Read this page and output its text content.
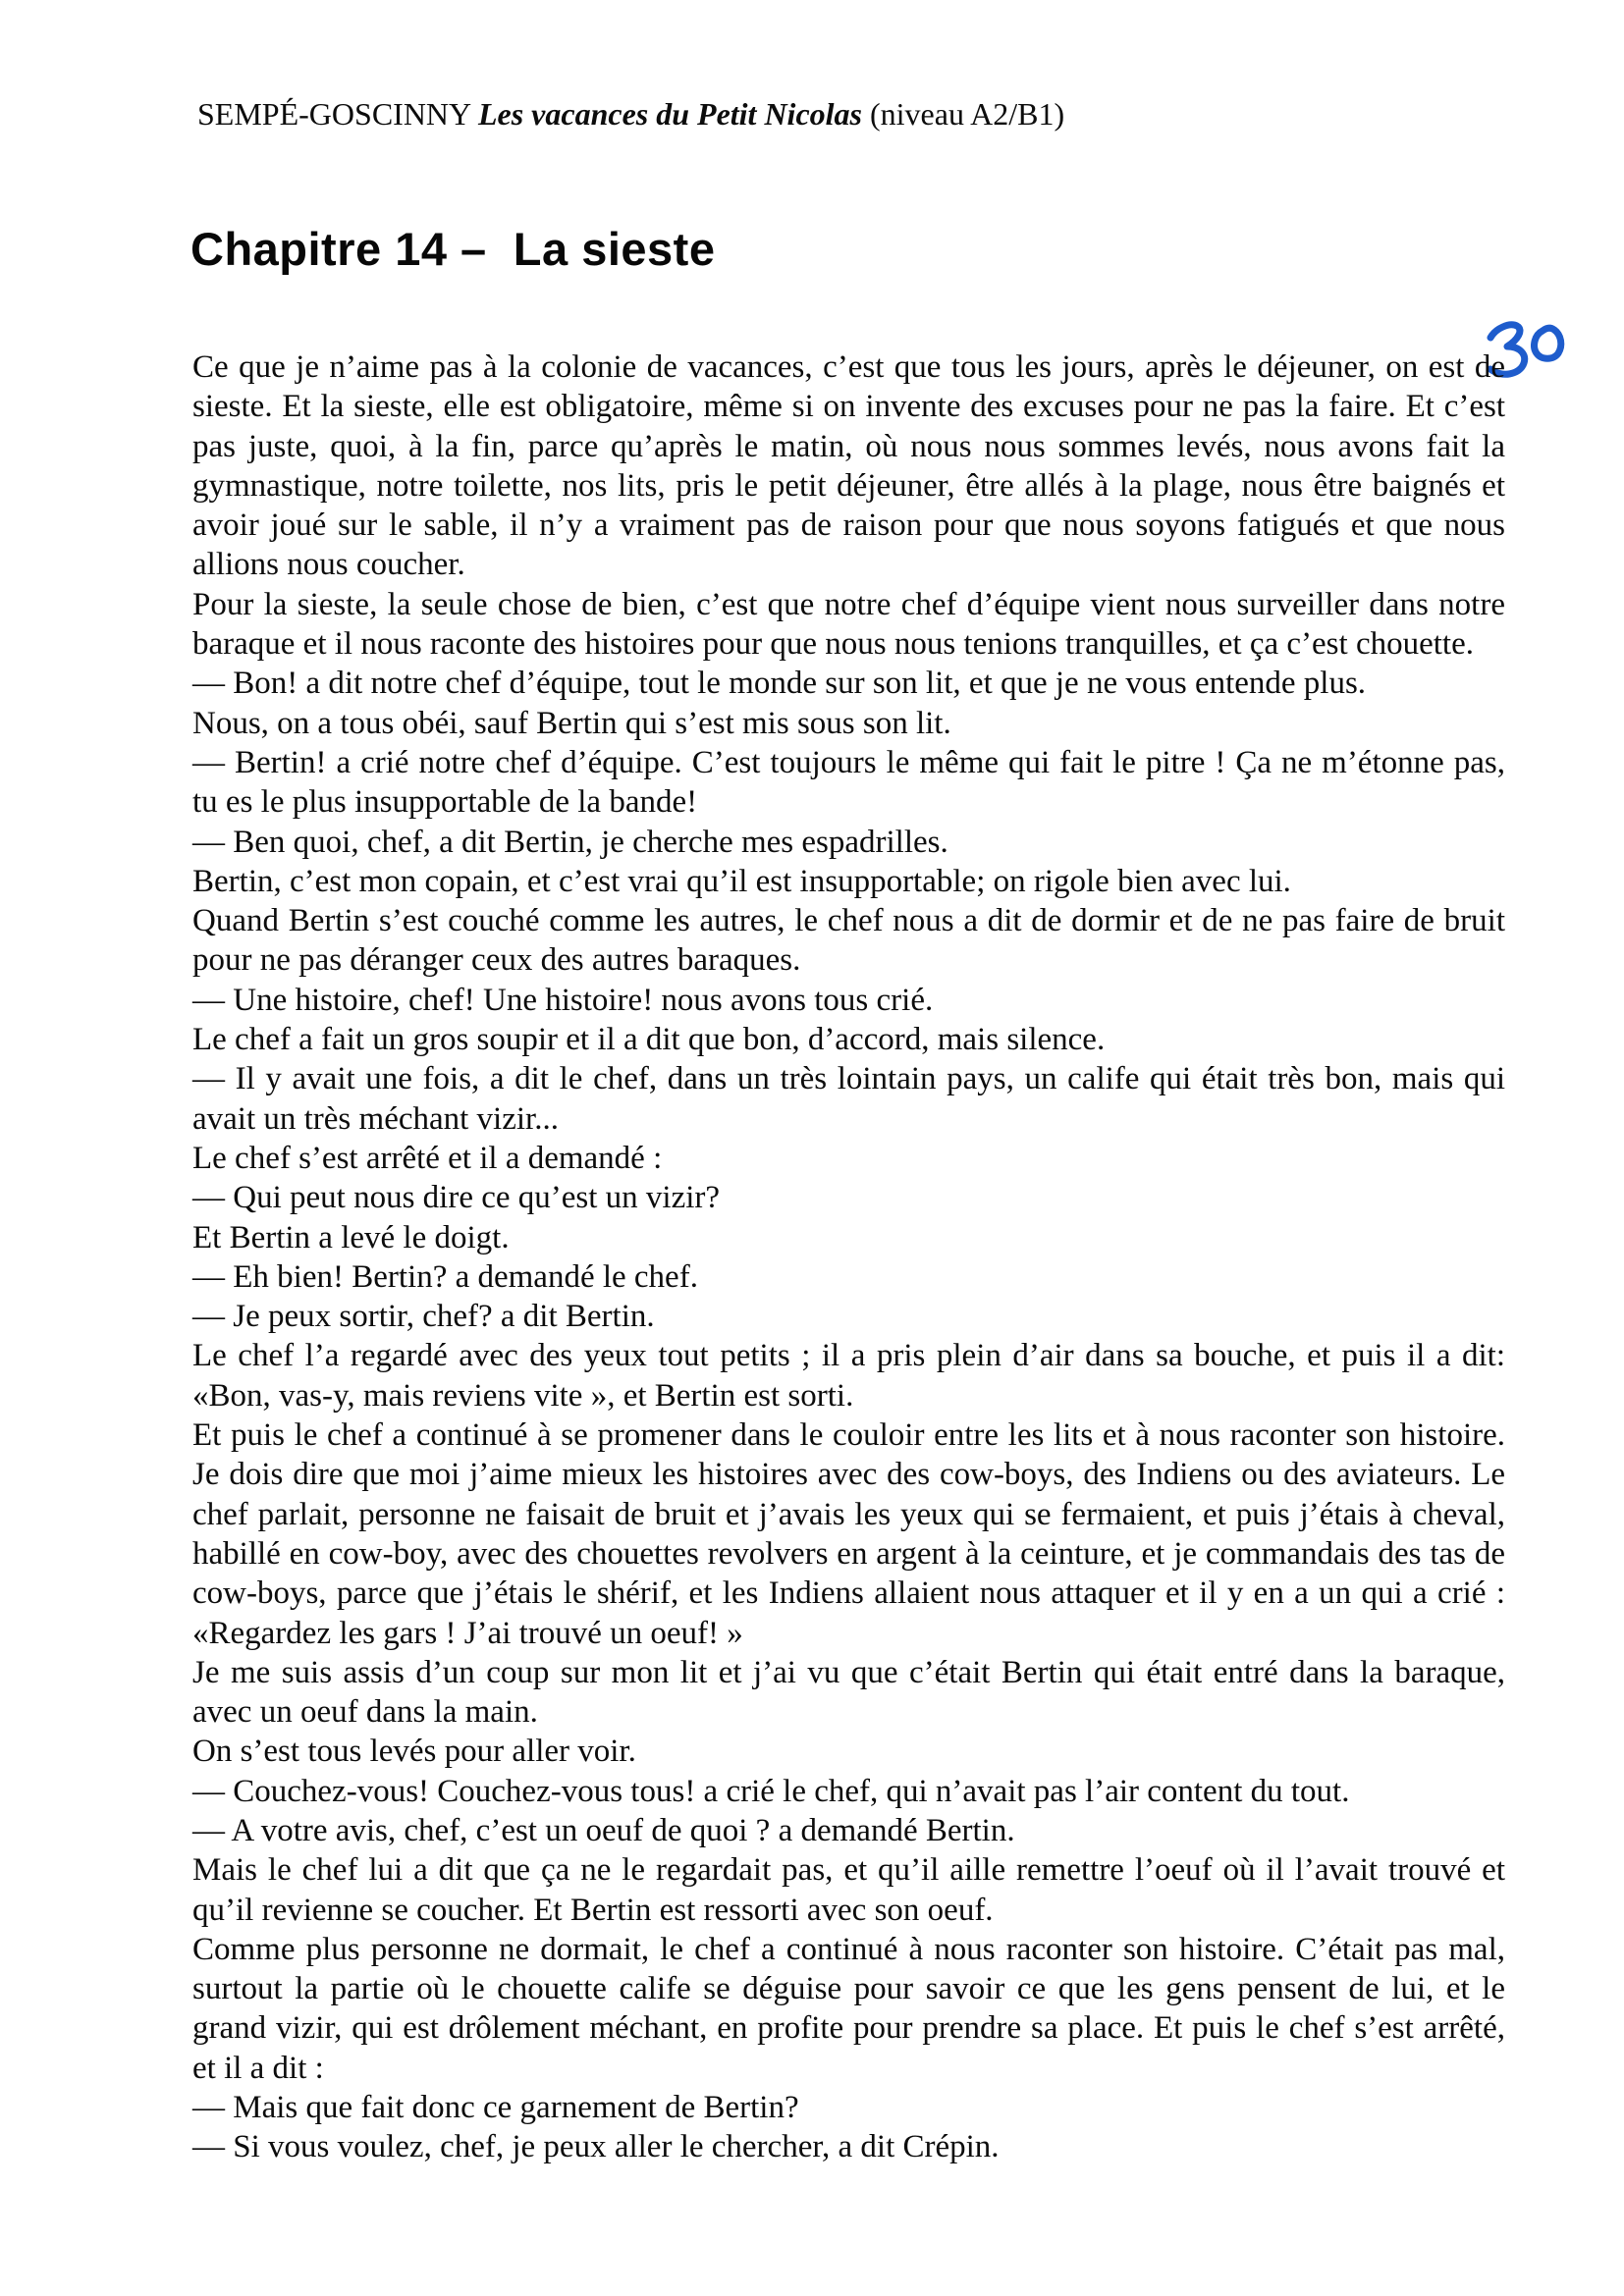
SEMPÉ-GOSCINNY Les vacances du Petit Nicolas (niveau A2/B1)
Chapitre 14 –  La sieste

Ce que je n’aime pas à la colonie de vacances, c’est que tous les jours, après le déjeuner, on est de sieste. Et la sieste, elle est obligatoire, même si on invente des excuses pour ne pas la faire. Et c’est pas juste, quoi, à la fin, parce qu’après le matin, où nous nous sommes levés, nous avons fait la gymnastique, notre toilette, nos lits, pris le petit déjeuner, être allés à la plage, nous être baignés et avoir joué sur le sable, il n’y a vraiment pas de raison pour que nous soyons fatigués et que nous allions nous coucher.

Pour la sieste, la seule chose de bien, c’est que notre chef d’équipe vient nous surveiller dans notre baraque et il nous raconte des histoires pour que nous nous tenions tranquilles, et ça c’est chouette.

— Bon! a dit notre chef d’équipe, tout le monde sur son lit, et que je ne vous entende plus.

Nous, on a tous obéi, sauf Bertin qui s’est mis sous son lit.

— Bertin! a crié notre chef d’équipe. C’est toujours le même qui fait le pitre ! Ça ne m’étonne pas, tu es le plus insupportable de la bande!

— Ben quoi, chef, a dit Bertin, je cherche mes espadrilles.

Bertin, c’est mon copain, et c’est vrai qu’il est insupportable; on rigole bien avec lui.

Quand Bertin s’est couché comme les autres, le chef nous a dit de dormir et de ne pas faire de bruit pour ne pas déranger ceux des autres baraques.

— Une histoire, chef! Une histoire! nous avons tous crié.

Le chef a fait un gros soupir et il a dit que bon, d’accord, mais silence.

— Il y avait une fois, a dit le chef, dans un très lointain pays, un calife qui était très bon, mais qui avait un très méchant vizir...

Le chef s’est arrêté et il a demandé :

— Qui peut nous dire ce qu’est un vizir?

Et Bertin a levé le doigt.

— Eh bien! Bertin? a demandé le chef.

— Je peux sortir, chef? a dit Bertin.

Le chef l’a regardé avec des yeux tout petits ; il a pris plein d’air dans sa bouche, et puis il a dit: «Bon, vas-y, mais reviens vite », et Bertin est sorti.

Et puis le chef a continué à se promener dans le couloir entre les lits et à nous raconter son histoire. Je dois dire que moi j’aime mieux les histoires avec des cow-boys, des Indiens ou des aviateurs. Le chef parlait, personne ne faisait de bruit et j’avais les yeux qui se fermaient, et puis j’étais à cheval, habillé en cow-boy, avec des chouettes revolvers en argent à la ceinture, et je commandais des tas de cow-boys, parce que j’étais le shérif, et les Indiens allaient nous attaquer et il y en a un qui a crié : «Regardez les gars ! J’ai trouvé un oeuf! »

Je me suis assis d’un coup sur mon lit et j’ai vu que c’était Bertin qui était entré dans la baraque, avec un oeuf dans la main.

On s’est tous levés pour aller voir.

— Couchez-vous! Couchez-vous tous! a crié le chef, qui n’avait pas l’air content du tout.

— A votre avis, chef, c’est un oeuf de quoi ? a demandé Bertin.

Mais le chef lui a dit que ça ne le regardait pas, et qu’il aille remettre l’oeuf où il l’avait trouvé et qu’il revienne se coucher. Et Bertin est ressorti avec son oeuf.

Comme plus personne ne dormait, le chef a continué à nous raconter son histoire. C’était pas mal, surtout la partie où le chouette calife se déguise pour savoir ce que les gens pensent de lui, et le grand vizir, qui est drôlement méchant, en profite pour prendre sa place. Et puis le chef s’est arrêté, et il a dit :

— Mais que fait donc ce garnement de Bertin?

— Si vous voulez, chef, je peux aller le chercher, a dit Crépin.
